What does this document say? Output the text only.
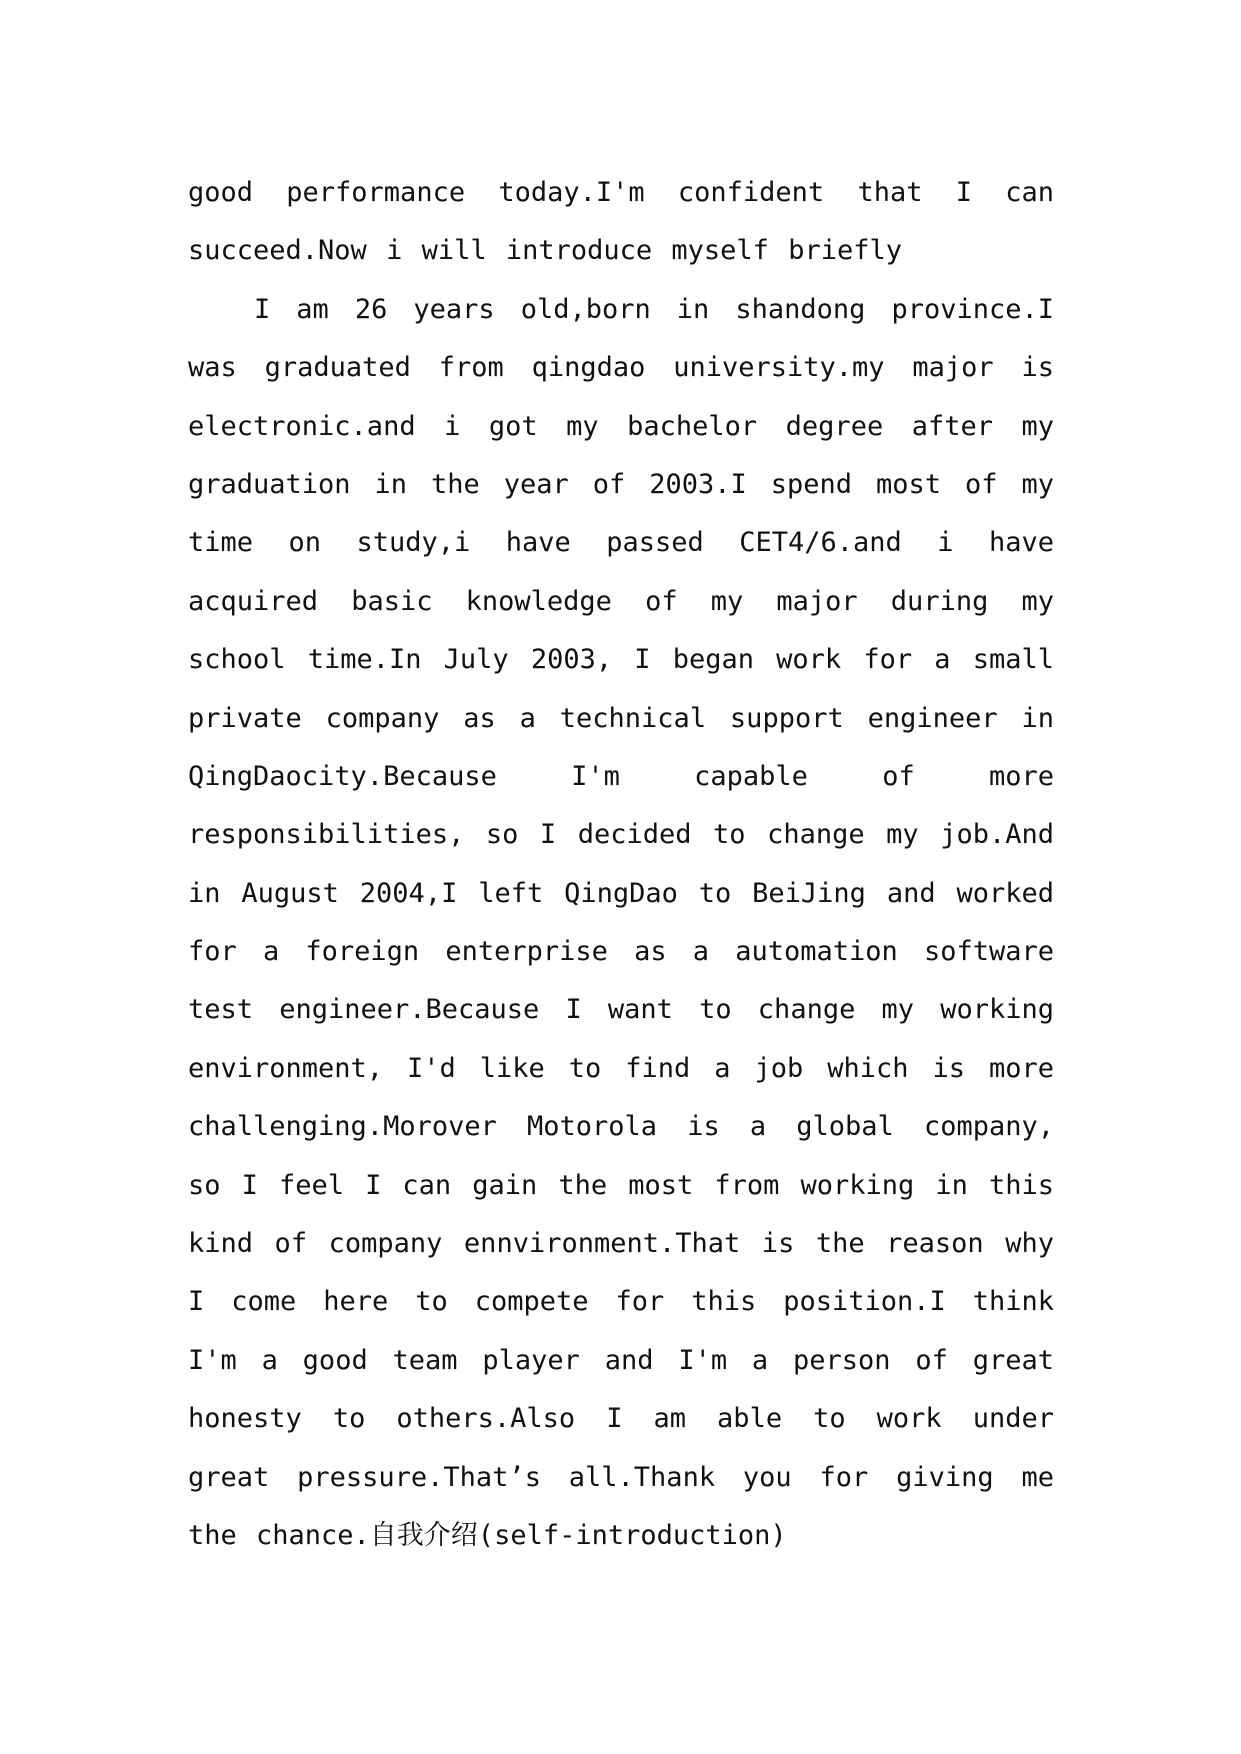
good performance today.I'm confident that I can
succeed.Now i will introduce myself briefly
I am 26 years old,born in shandong province.I
was graduated from qingdao university.my major is
electronic.and i got my bachelor degree after my
graduation in the year of 2003.I spend most of my
time on study,i have passed CET4/6.and i have
acquired basic knowledge of my major during my
school time.In July 2003, I began work for a small
private company as a technical support engineer in
QingDaocity.Because I'm capable of more
responsibilities, so I decided to change my job.And
in August 2004,I left QingDao to BeiJing and worked
for a foreign enterprise as a automation software
test engineer.Because I want to change my working
environment, I'd like to find a job which is more
challenging.Morover Motorola is a global company,
so I feel I can gain the most from working in this
kind of company ennvironment.That is the reason why
I come here to compete for this position.I think
I'm a good team player and I'm a person of great
honesty to others.Also I am able to work under
great pressure.That’s all.Thank you for giving me
the chance.自我介绍(self-introduction)
